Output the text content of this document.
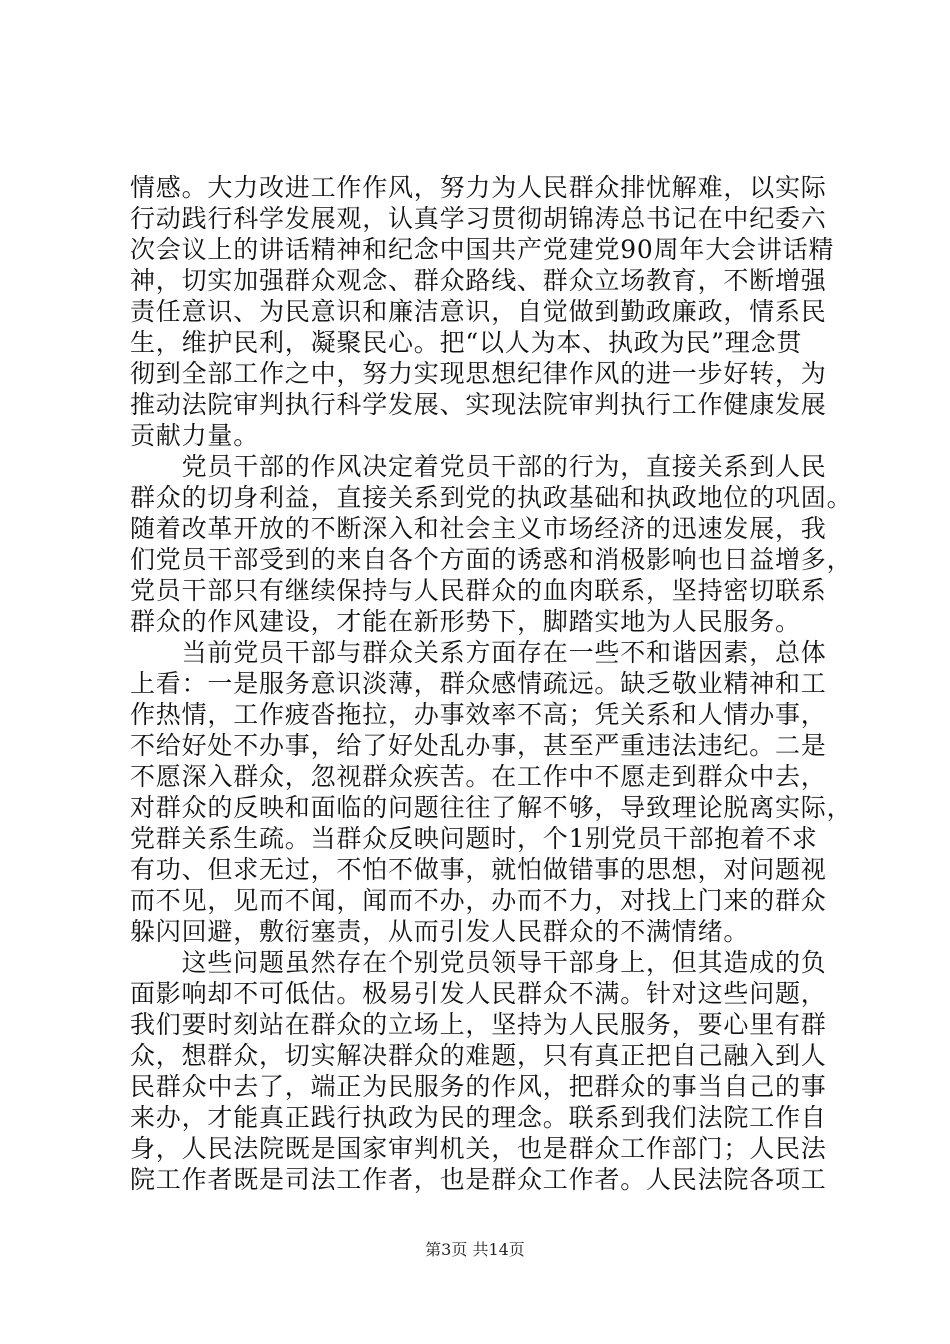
情感。大力改进工作作风，努力为人民群众排忧解难，以实际
行动践行科学发展观，认真学习贯彻胡锦涛总书记在中纪委六
次会议上的讲话精神和纪念中国共产党建党90周年大会讲话精
神，切实加强群众观念、群众路线、群众立场教育，不断增强
责任意识、为民意识和廉洁意识，自觉做到勤政廉政，情系民
生，维护民利，凝聚民心。把“以人为本、执政为民”理念贯
彻到全部工作之中，努力实现思想纪律作风的进一步好转，为
推动法院审判执行科学发展、实现法院审判执行工作健康发展
贡献力量。
　　党员干部的作风决定着党员干部的行为，直接关系到人民
群众的切身利益，直接关系到党的执政基础和执政地位的巩固。
随着改革开放的不断深入和社会主义市场经济的迅速发展，我
们党员干部受到的来自各个方面的诱惑和消极影响也日益增多，
党员干部只有继续保持与人民群众的血肉联系，坚持密切联系
群众的作风建设，才能在新形势下，脚踏实地为人民服务。
　　当前党员干部与群众关系方面存在一些不和谐因素，总体
上看：一是服务意识淡薄，群众感情疏远。缺乏敬业精神和工
作热情，工作疲沓拖拉，办事效率不高；凭关系和人情办事，
不给好处不办事，给了好处乱办事，甚至严重违法违纪。二是
不愿深入群众，忽视群众疾苦。在工作中不愿走到群众中去，
对群众的反映和面临的问题往往了解不够，导致理论脱离实际，
党群关系生疏。当群众反映问题时，个1别党员干部抱着不求
有功、但求无过，不怕不做事，就怕做错事的思想，对问题视
而不见，见而不闻，闻而不办，办而不力，对找上门来的群众
躲闪回避，敷衍塞责，从而引发人民群众的不满情绪。
　　这些问题虽然存在个别党员领导干部身上，但其造成的负
面影响却不可低估。极易引发人民群众不满。针对这些问题，
我们要时刻站在群众的立场上，坚持为人民服务，要心里有群
众，想群众，切实解决群众的难题，只有真正把自己融入到人
民群众中去了，端正为民服务的作风，把群众的事当自己的事
来办，才能真正践行执政为民的理念。联系到我们法院工作自
身，人民法院既是国家审判机关，也是群众工作部门；人民法
院工作者既是司法工作者，也是群众工作者。人民法院各项工
第3页 共14页
